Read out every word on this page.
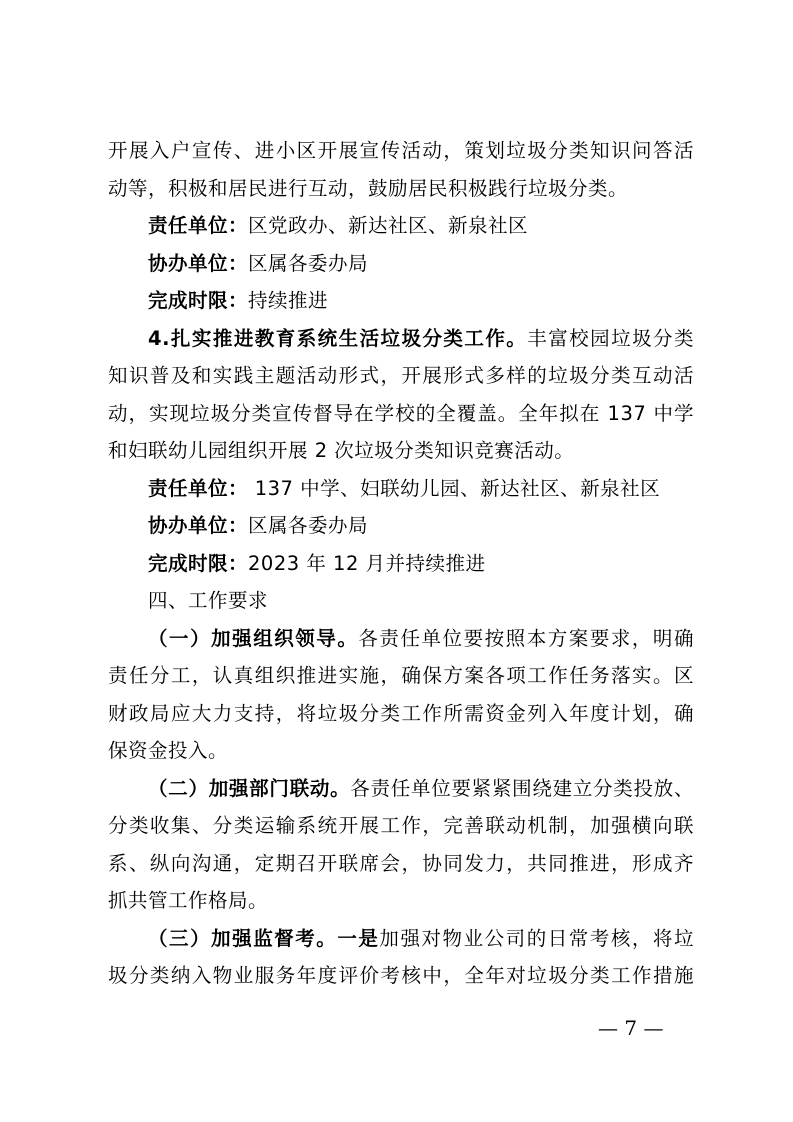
开展入户宣传、进小区开展宣传活动，策划垃圾分类知识问答活
动等，积极和居民进行互动，鼓励居民积极践行垃圾分类。
责任单位：区党政办、新达社区、新泉社区
协办单位：区属各委办局
完成时限：持续推进
4.扎实推进教育系统生活垃圾分类工作。丰富校园垃圾分类
知识普及和实践主题活动形式，开展形式多样的垃圾分类互动活
动，实现垃圾分类宣传督导在学校的全覆盖。全年拟在 137 中学
和妇联幼儿园组织开展 2 次垃圾分类知识竞赛活动。
责任单位： 137 中学、妇联幼儿园、新达社区、新泉社区
协办单位：区属各委办局
完成时限：2023 年 12 月并持续推进
四、工作要求
（一）加强组织领导。各责任单位要按照本方案要求，明确
责任分工，认真组织推进实施，确保方案各项工作任务落实。区
财政局应大力支持，将垃圾分类工作所需资金列入年度计划，确
保资金投入。
（二）加强部门联动。各责任单位要紧紧围绕建立分类投放、
分类收集、分类运输系统开展工作，完善联动机制，加强横向联
系、纵向沟通，定期召开联席会，协同发力，共同推进，形成齐
抓共管工作格局。
（三）加强监督考。一是加强对物业公司的日常考核，将垃
圾分类纳入物业服务年度评价考核中，全年对垃圾分类工作措施
— 7 —
